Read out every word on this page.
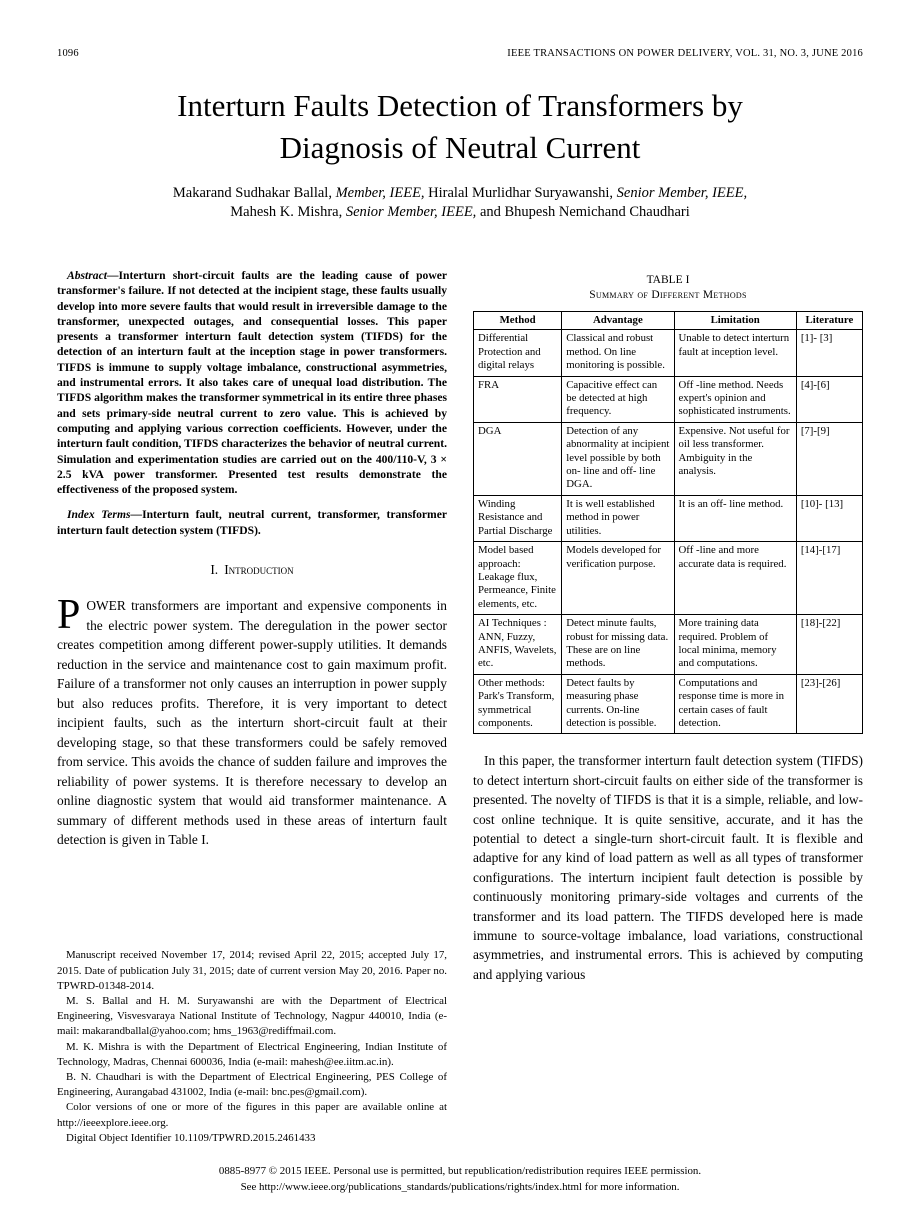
1096	IEEE TRANSACTIONS ON POWER DELIVERY, VOL. 31, NO. 3, JUNE 2016
Interturn Faults Detection of Transformers by
Diagnosis of Neutral Current
Makarand Sudhakar Ballal, Member, IEEE, Hiralal Murlidhar Suryawanshi, Senior Member, IEEE,
Mahesh K. Mishra, Senior Member, IEEE, and Bhupesh Nemichand Chaudhari

Abstract—Interturn short-circuit faults are the leading cause of power transformer's failure. If not detected at the incipient stage, these faults usually develop into more severe faults that would result in irreversible damage to the transformer, unexpected outages, and consequential losses. This paper presents a transformer interturn fault detection system (TIFDS) for the detection of an interturn fault at the inception stage in power transformers. TIFDS is immune to supply voltage imbalance, constructional asymmetries, and instrumental errors. It also takes care of unequal load distribution. The TIFDS algorithm makes the transformer symmetrical in its entire three phases and sets primary-side neutral current to zero value. This is achieved by computing and applying various correction coefficients. However, under the interturn fault condition, TIFDS characterizes the behavior of neutral current. Simulation and experimentation studies are carried out on the 400/110-V, 3 × 2.5 kVA power transformer. Presented test results demonstrate the effectiveness of the proposed system.

Index Terms—Interturn fault, neutral current, transformer, transformer interturn fault detection system (TIFDS).

I. Introduction

POWER transformers are important and expensive components in the electric power system. The deregulation in the power sector creates competition among different power-supply utilities. It demands reduction in the service and maintenance cost to gain maximum profit. Failure of a transformer not only causes an interruption in power supply but also reduces profits. Therefore, it is very important to detect incipient faults, such as the interturn short-circuit fault at their developing stage, so that these transformers could be safely removed from service. This avoids the chance of sudden failure and improves the reliability of power systems. It is therefore necessary to develop an online diagnostic system that would aid transformer maintenance. A summary of different methods used in these areas of interturn fault detection is given in Table I.

Manuscript received November 17, 2014; revised April 22, 2015; accepted July 17, 2015. Date of publication July 31, 2015; date of current version May 20, 2016. Paper no. TPWRD-01348-2014.

M. S. Ballal and H. M. Suryawanshi are with the Department of Electrical Engineering, Visvesvaraya National Institute of Technology, Nagpur 440010, India (e-mail: makarandballal@yahoo.com; hms_1963@rediffmail.com.

M. K. Mishra is with the Department of Electrical Engineering, Indian Institute of Technology, Madras, Chennai 600036, India (e-mail: mahesh@ee.iitm.ac.in).

B. N. Chaudhari is with the Department of Electrical Engineering, PES College of Engineering, Aurangabad 431002, India (e-mail: bnc.pes@gmail.com).

Color versions of one or more of the figures in this paper are available online at http://ieeexplore.ieee.org.

Digital Object Identifier 10.1109/TPWRD.2015.2461433

TABLE I
Summary of Different Methods
Method	Advantage	Limitation	Literature
Differential Protection and digital relays	Classical and robust method. On line monitoring is possible.	Unable to detect interturn fault at inception level.	[1]- [3]
FRA	Capacitive effect can be detected at high frequency.	Off -line method. Needs expert's opinion and sophisticated instruments.	[4]-[6]
DGA	Detection of any abnormality at incipient level possible by both on- line and off- line DGA.	Expensive. Not useful for oil less transformer. Ambiguity in the analysis.	[7]-[9]
Winding Resistance and Partial Discharge	It is well established method in power utilities.	It is an off- line method.	[10]- [13]
Model based approach: Leakage flux, Permeance, Finite elements, etc.	Models developed for verification purpose.	Off -line and more accurate data is required.	[14]-[17]
AI Techniques : ANN, Fuzzy, ANFIS, Wavelets, etc.	Detect minute faults, robust for missing data. These are on line methods.	More training data required. Problem of local minima, memory and computations.	[18]-[22]
Other methods: Park's Transform, symmetrical components.	Detect faults by measuring phase currents. On-line detection is possible.	Computations and response time is more in certain cases of fault detection.	[23]-[26]

In this paper, the transformer interturn fault detection system (TIFDS) to detect interturn short-circuit faults on either side of the transformer is presented. The novelty of TIFDS is that it is a simple, reliable, and low-cost online technique. It is quite sensitive, accurate, and it has the potential to detect a single-turn short-circuit fault. It is flexible and adaptive for any kind of load pattern as well as all types of transformer configurations. The interturn incipient fault detection is possible by continuously monitoring primary-side voltages and currents of the transformer and its load pattern. The TIFDS developed here is made immune to source-voltage imbalance, load variations, constructional asymmetries, and instrumental errors. This is achieved by computing and applying various

0885-8977 © 2015 IEEE. Personal use is permitted, but republication/redistribution requires IEEE permission.
See http://www.ieee.org/publications_standards/publications/rights/index.html for more information.
